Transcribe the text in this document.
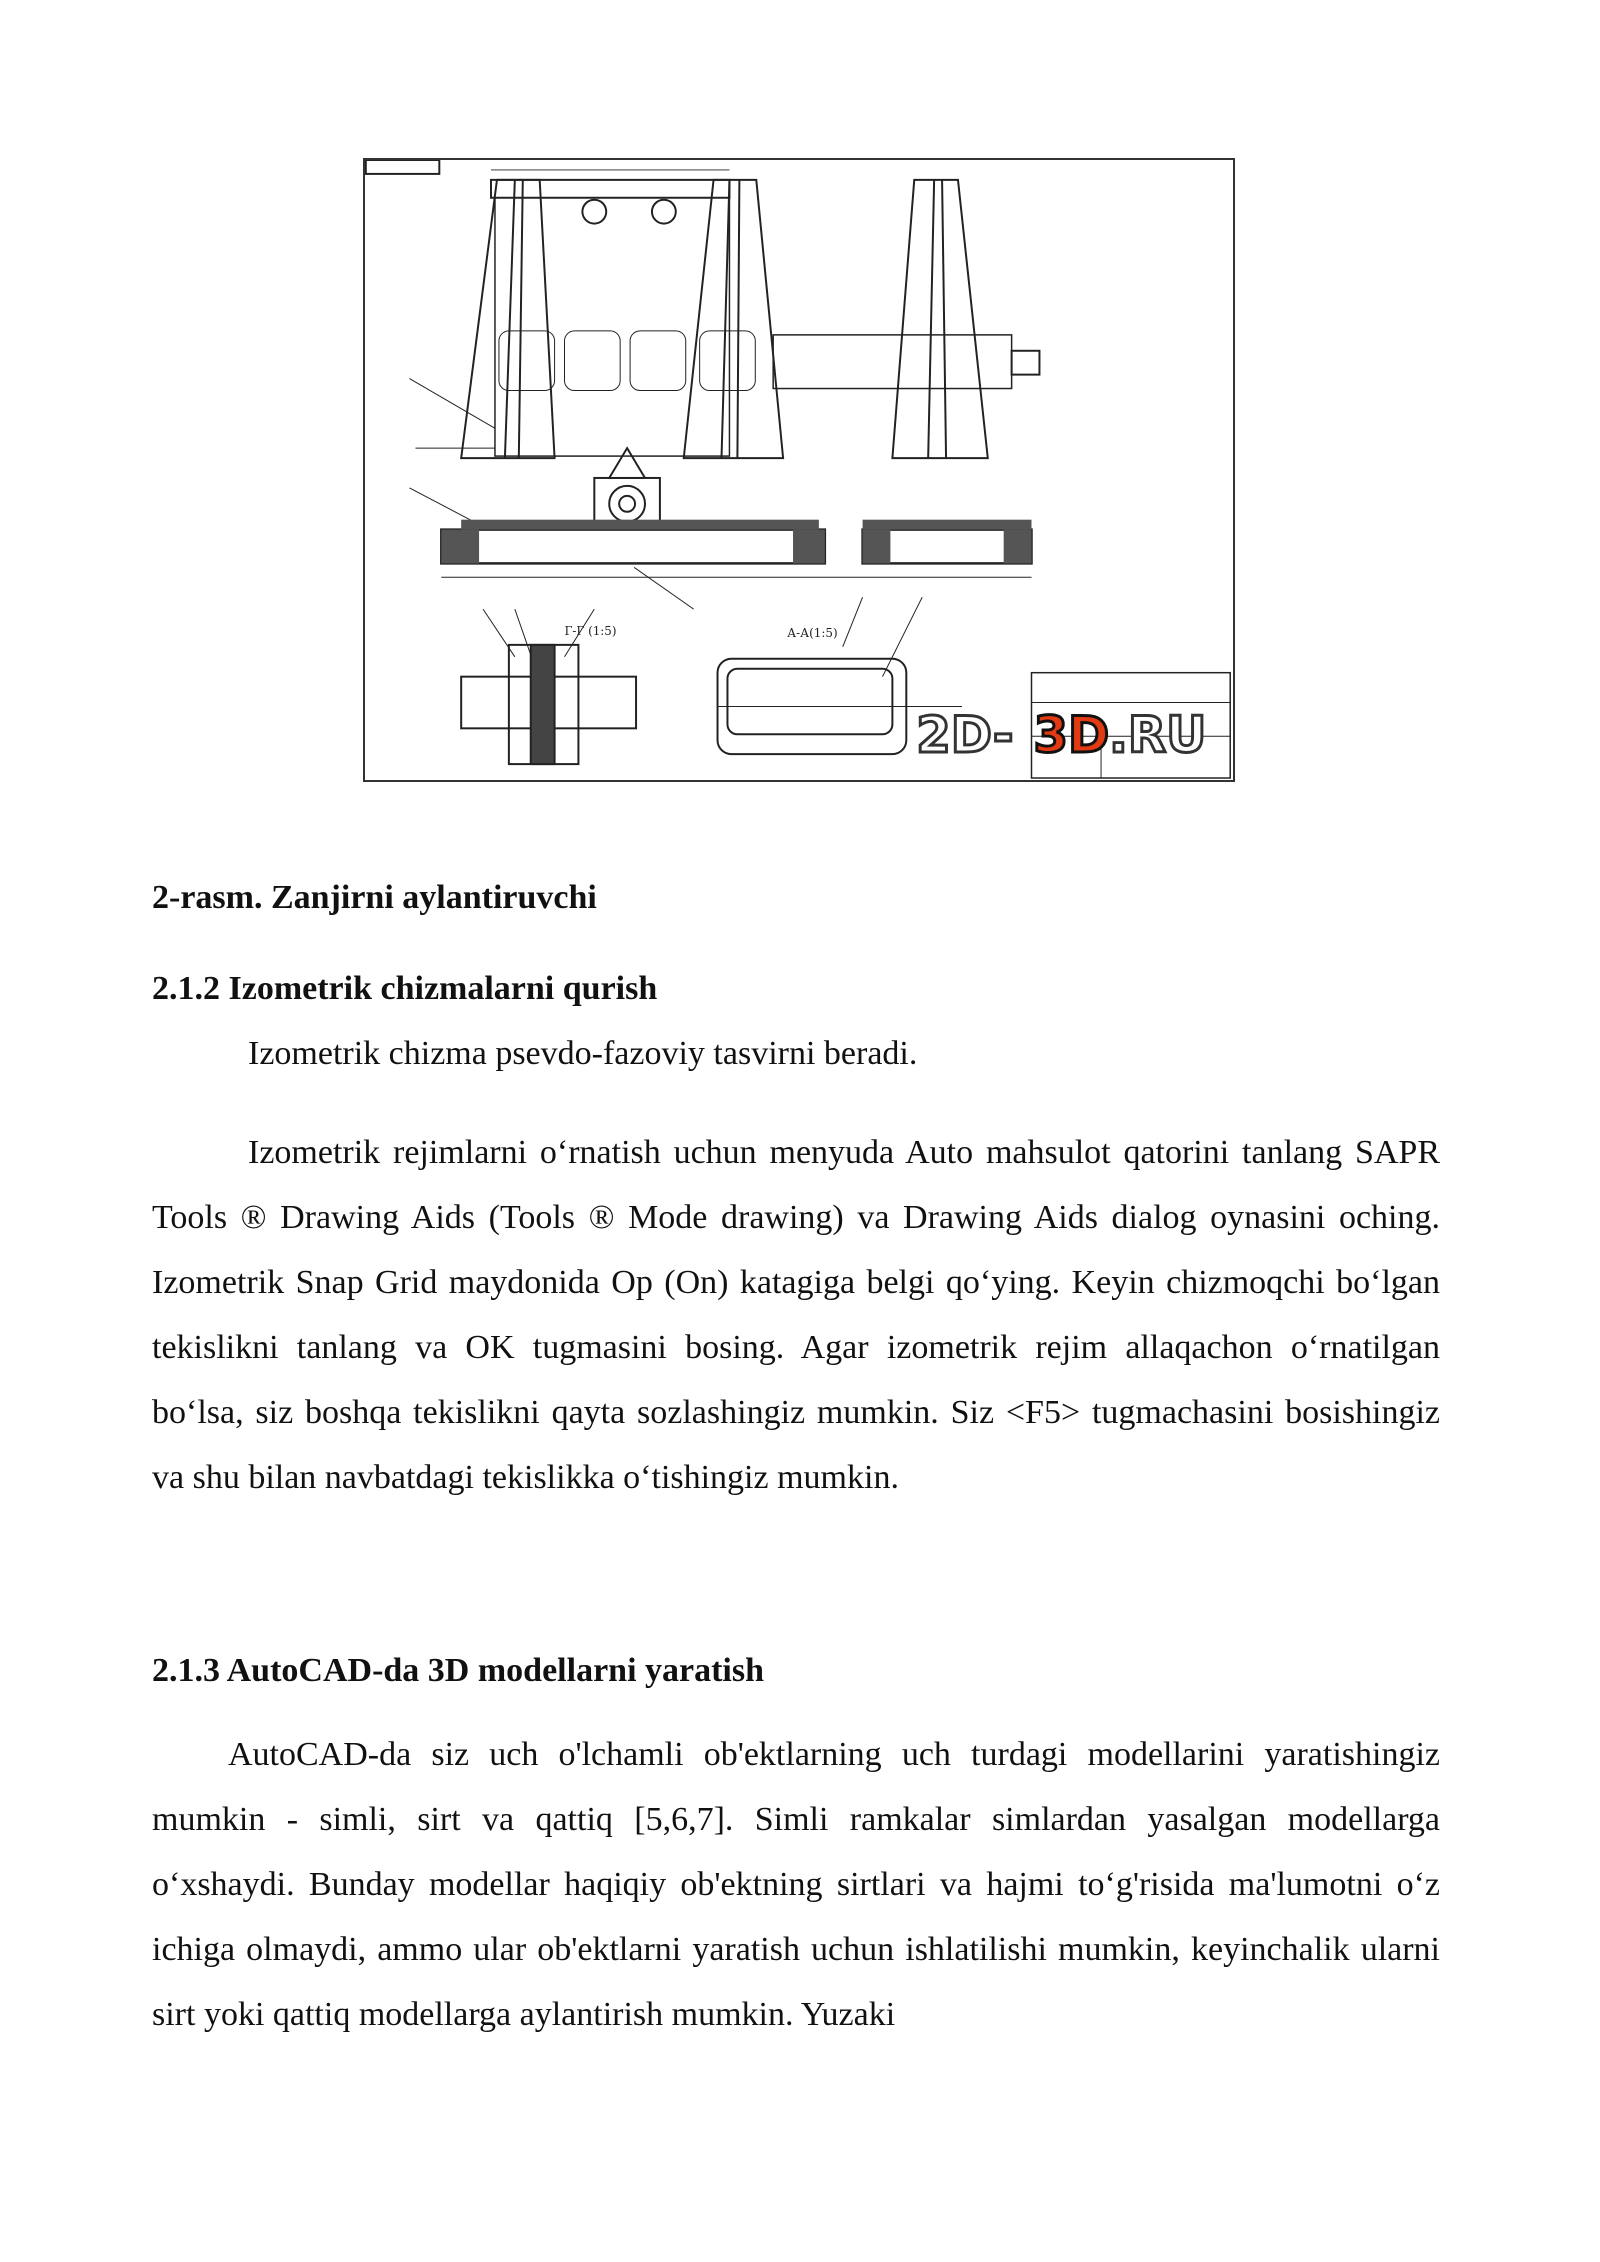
Г-Г (1:5)	А-А(1:5)
2D- 3D .RU
2-rasm. Zanjirni aylantiruvchi
2.1.2 Izometrik chizmalarni qurish
Izometrik chizma psevdo-fazoviy tasvirni beradi.
Izometrik rejimlarni oʻrnatish uchun menyuda Auto mahsulot qatorini tanlang SAPR Tools ® Drawing Aids (Tools ® Mode drawing) va Drawing Aids dialog oynasini oching. Izometrik Snap Grid maydonida Op (On) katagiga belgi qoʻying. Keyin chizmoqchi boʻlgan tekislikni tanlang va OK tugmasini bosing. Agar izometrik rejim allaqachon oʻrnatilgan boʻlsa, siz boshqa tekislikni qayta sozlashingiz mumkin. Siz <F5> tugmachasini bosishingiz va shu bilan navbatdagi tekislikka oʻtishingiz mumkin.
2.1.3 AutoCAD-da 3D modellarni yaratish
AutoCAD-da siz uch o'lchamli ob'ektlarning uch turdagi modellarini yaratishingiz mumkin - simli, sirt va qattiq [5,6,7]. Simli ramkalar simlardan yasalgan modellarga oʻxshaydi. Bunday modellar haqiqiy ob'ektning sirtlari va hajmi toʻg'risida ma'lumotni oʻz ichiga olmaydi, ammo ular ob'ektlarni yaratish uchun ishlatilishi mumkin, keyinchalik ularni sirt yoki qattiq modellarga aylantirish mumkin. Yuzaki
